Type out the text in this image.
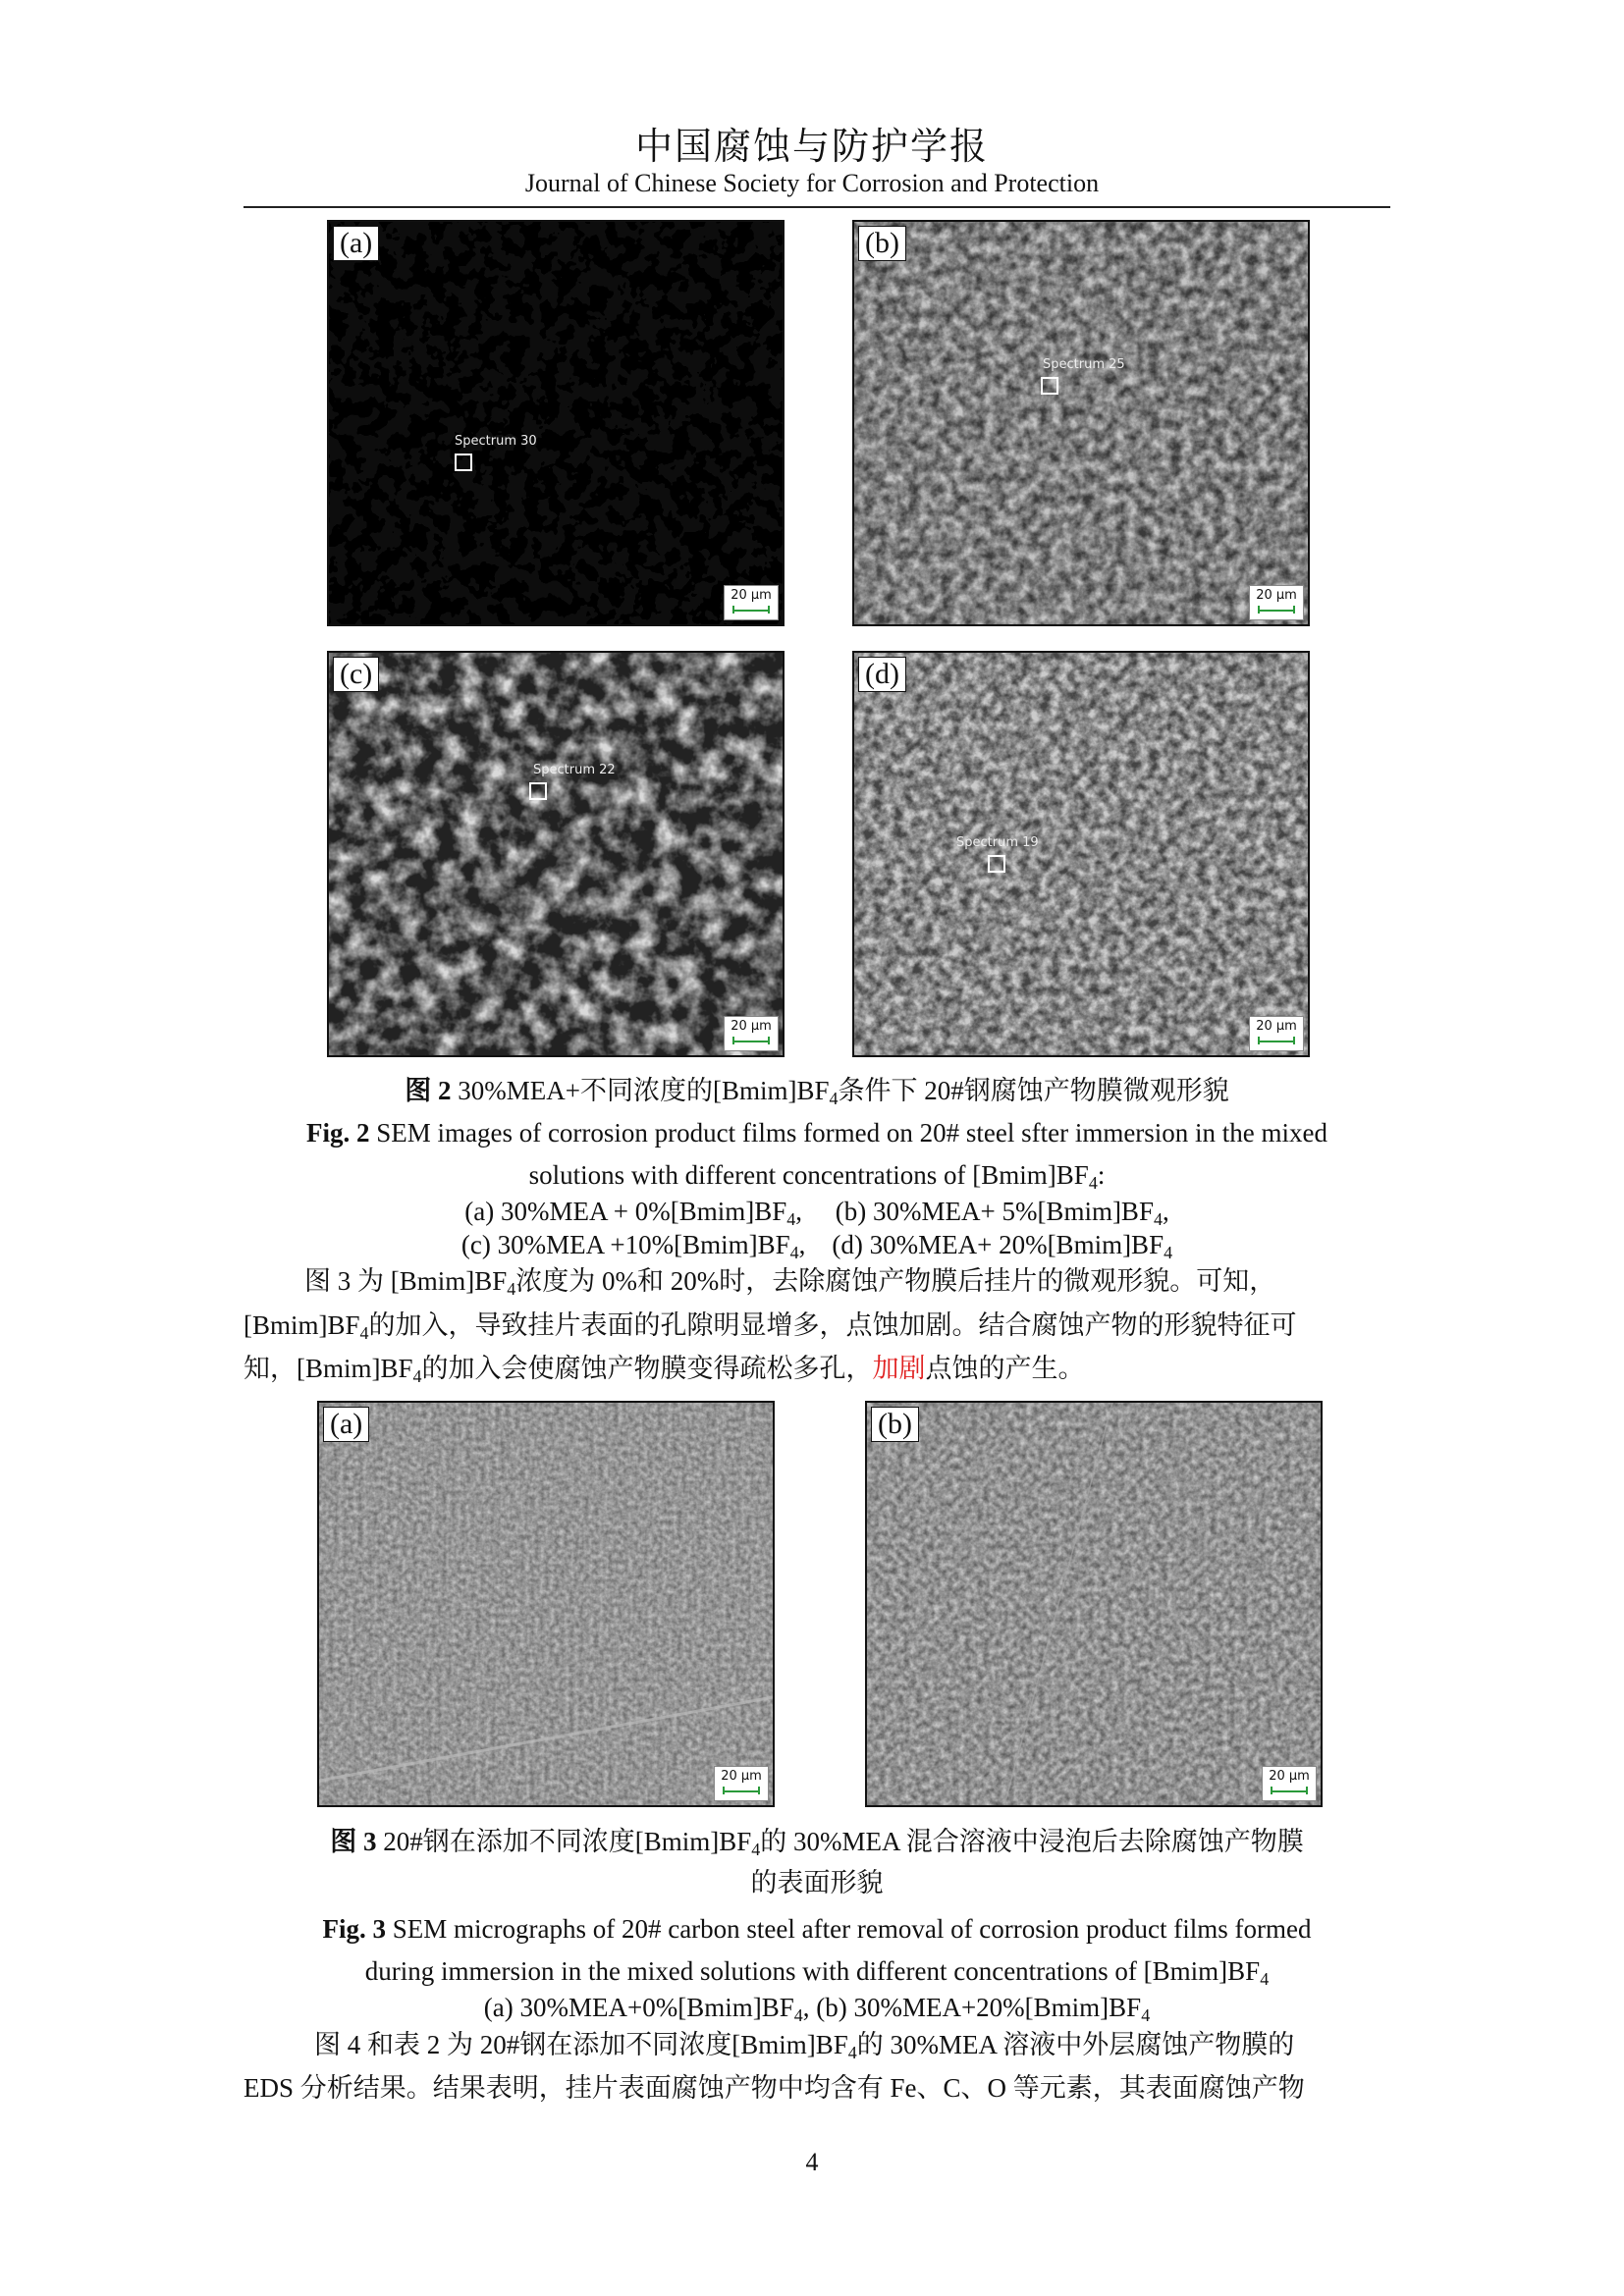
中国腐蚀与防护学报
Journal of Chinese Society for Corrosion and Protection
(a)
Spectrum 30
20 μm
(b)
Spectrum 25
20 μm
(c)
Spectrum 22
20 μm
(d)
Spectrum 19
20 μm
图 2 30%MEA+不同浓度的$[Bmim]BF_4$条件下 20#钢腐蚀产物膜微观形貌
Fig. 2 SEM images of corrosion product films formed on 20# steel sfter immersion in the mixed
solutions with different concentrations of $[Bmim]BF_4$:
(a) $30\%MEA + 0\%[Bmim]BF_4$,     (b) $30\%MEA+ 5\%[Bmim]BF_4$,
(c) $30\%MEA +10\%[Bmim]BF_4$,    (d) $30\%MEA+ 20\%[Bmim]BF_4$
图 3 为 $[Bmim]BF_4$浓度为 0%和 20%时，去除腐蚀产物膜后挂片的微观形貌。可知，
$[Bmim]BF_4$的加入，导致挂片表面的孔隙明显增多，点蚀加剧。结合腐蚀产物的形貌特征可
知，$[Bmim]BF_4$的加入会使腐蚀产物膜变得疏松多孔，加剧点蚀的产生。
(a)
20 μm
(b)
20 μm
图 3 20#钢在添加不同浓度$[Bmim]BF_4$的 30%MEA 混合溶液中浸泡后去除腐蚀产物膜
的表面形貌
Fig. 3 SEM micrographs of 20# carbon steel after removal of corrosion product films formed
during immersion in the mixed solutions with different concentrations of $[Bmim]BF_4$
(a) $30\%MEA+0\%[Bmim]BF_4$, (b) $30\%MEA+20\%[Bmim]BF_4$
图 4 和表 2 为 20#钢在添加不同浓度$[Bmim]BF_4$的 30%MEA 溶液中外层腐蚀产物膜的
EDS 分析结果。结果表明，挂片表面腐蚀产物中均含有 Fe、C、O 等元素，其表面腐蚀产物
4
